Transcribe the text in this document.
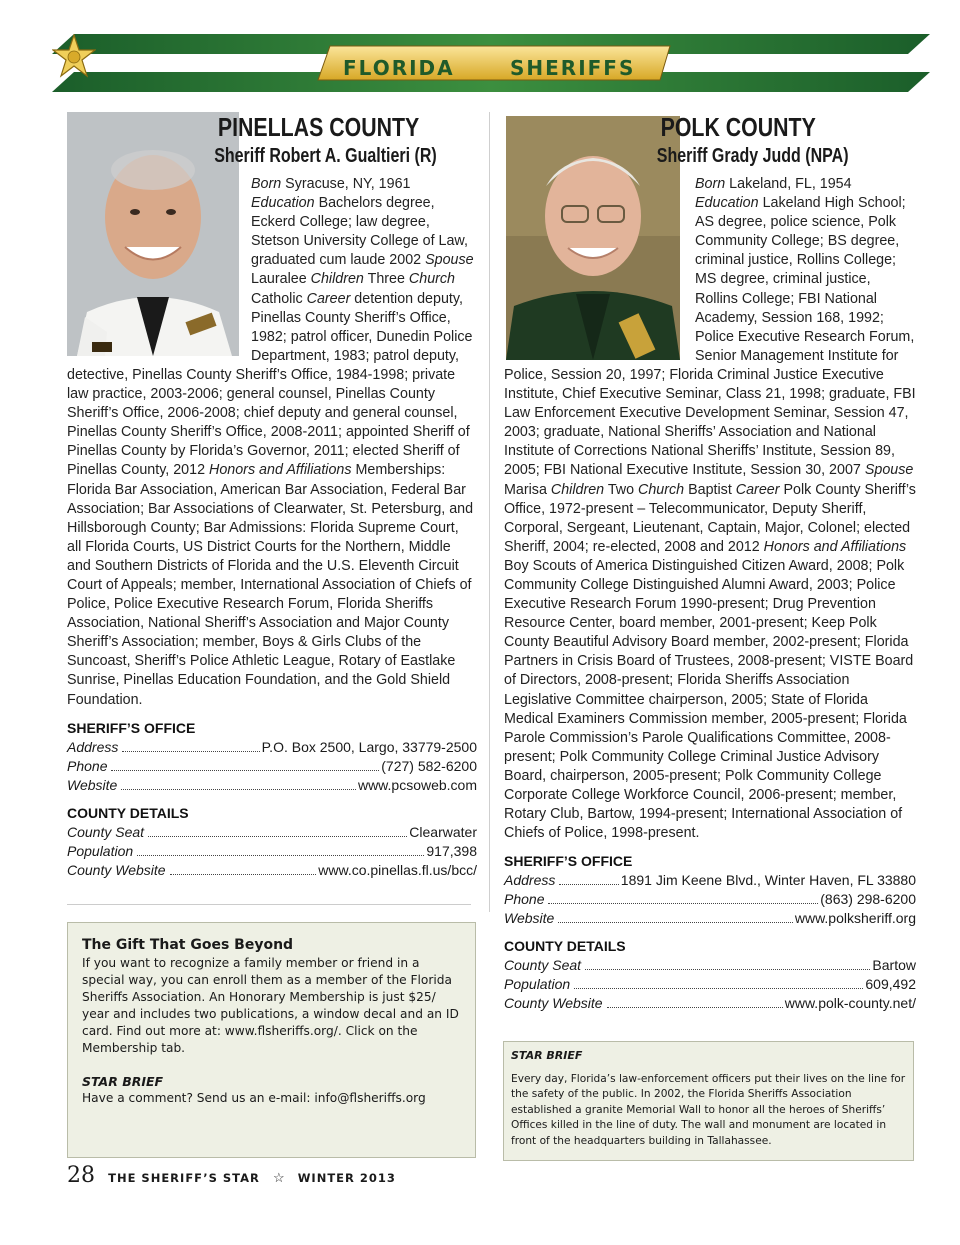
FLORIDA	SHERIFFS
PINELLAS COUNTY
Sheriff Robert A. Gualtieri (R)

Born Syracuse, NY, 1961 Education Bachelors degree, Eckerd College; law degree, Stetson University College of Law, graduated cum laude 2002 Spouse Lauralee Children Three Church Catholic Career detention deputy, Pinellas County Sheriff’s Office, 1982; patrol officer, Dunedin Police Department, 1983; patrol deputy, detective, Pinellas County Sheriff’s Office, 1984-1998; private law practice, 2003-2006; general counsel, Pinellas County Sheriff’s Office, 2006-2008; chief deputy and general counsel, Pinellas County Sheriff’s Office, 2008-2011; appointed Sheriff of Pinellas County by Florida’s Governor, 2011; elected Sheriff of Pinellas County, 2012 Honors and Affiliations Memberships: Florida Bar Association, American Bar Association, Federal Bar Association; Bar Associations of Clearwater, St. Petersburg, and Hillsborough County; Bar Admissions: Florida Supreme Court, all Florida Courts, US District Courts for the Northern, Middle and Southern Districts of Florida and the U.S. Eleventh Circuit Court of Appeals; member, International Association of Chiefs of Police, Police Executive Research Forum, Florida Sheriffs Association, National Sheriff’s Association and Major County Sheriff’s Association; member, Boys & Girls Clubs of the Suncoast, Sheriff’s Police Athletic League, Rotary of Eastlake Sunrise, Pinellas Education Foundation, and the Gold Shield Foundation.

SHERIFF’S OFFICE
Address	P.O. Box 2500, Largo, 33779-2500
Phone	(727) 582-6200
Website	www.pcsoweb.com
COUNTY DETAILS
County Seat	Clearwater
Population	917,398
County Website	www.co.pinellas.fl.us/bcc/
POLK COUNTY
Sheriff Grady Judd (NPA)

Born Lakeland, FL, 1954 Education Lakeland High School; AS degree, police science, Polk Community College; BS degree, criminal justice, Rollins College; MS degree, criminal justice, Rollins College; FBI National Academy, Session 168, 1992; Police Executive Research Forum, Senior Management Institute for Police, Session 20, 1997; Florida Criminal Justice Executive Institute, Chief Executive Seminar, Class 21, 1998; graduate, FBI Law Enforcement Executive Development Seminar, Session 47, 2003; graduate, National Sheriffs’ Association and National Institute of Corrections National Sheriffs’ Institute, Session 89, 2005; FBI National Executive Institute, Session 30, 2007 Spouse Marisa Children Two Church Baptist Career Polk County Sheriff’s Office, 1972-present – Telecommunicator, Deputy Sheriff, Corporal, Sergeant, Lieutenant, Captain, Major, Colonel; elected Sheriff, 2004; re-elected, 2008 and 2012 Honors and Affiliations Boy Scouts of America Distinguished Citizen Award, 2008; Polk Community College Distinguished Alumni Award, 2003; Police Executive Research Forum 1990-present; Drug Prevention Resource Center, board member, 2001-present; Keep Polk County Beautiful Advisory Board member, 2002-present; Florida Partners in Crisis Board of Trustees, 2008-present; VISTE Board of Directors, 2008-present; Florida Sheriffs Association Legislative Committee chairperson, 2005; State of Florida Medical Examiners Commission member, 2005-present; Florida Parole Commission’s Parole Qualifications Committee, 2008-present; Polk Community College Criminal Justice Advisory Board, chairperson, 2005-present; Polk Community College Corporate College Workforce Council, 2006-present; member, Rotary Club, Bartow, 1994-present; International Association of Chiefs of Police, 1998-present.

SHERIFF’S OFFICE
Address	1891 Jim Keene Blvd., Winter Haven, FL 33880
Phone	(863) 298-6200
Website	www.polksheriff.org
COUNTY DETAILS
County Seat	Bartow
Population	609,492
County Website	www.polk-county.net/
The Gift That Goes Beyond

If you want to recognize a family member or friend in a special way, you can enroll them as a member of the Florida Sheriffs Association. An Honorary Membership is just $25/ year and includes two publications, a window decal and an ID card. Find out more at: www.flsheriffs.org/. Click on the Membership tab.

STAR BRIEF
Have a comment? Send us an e-mail: info@flsheriffs.org
STAR BRIEF
Every day, Florida’s law-enforcement officers put their lives on the line for the safety of the public. In 2002, the Florida Sheriffs Association established a granite Memorial Wall to honor all the heroes of Sheriffs’ Offices killed in the line of duty. The wall and monument are located in front of the headquarters building in Tallahassee.
28 THE SHERIFF’S STAR ☆ WINTER 2013
